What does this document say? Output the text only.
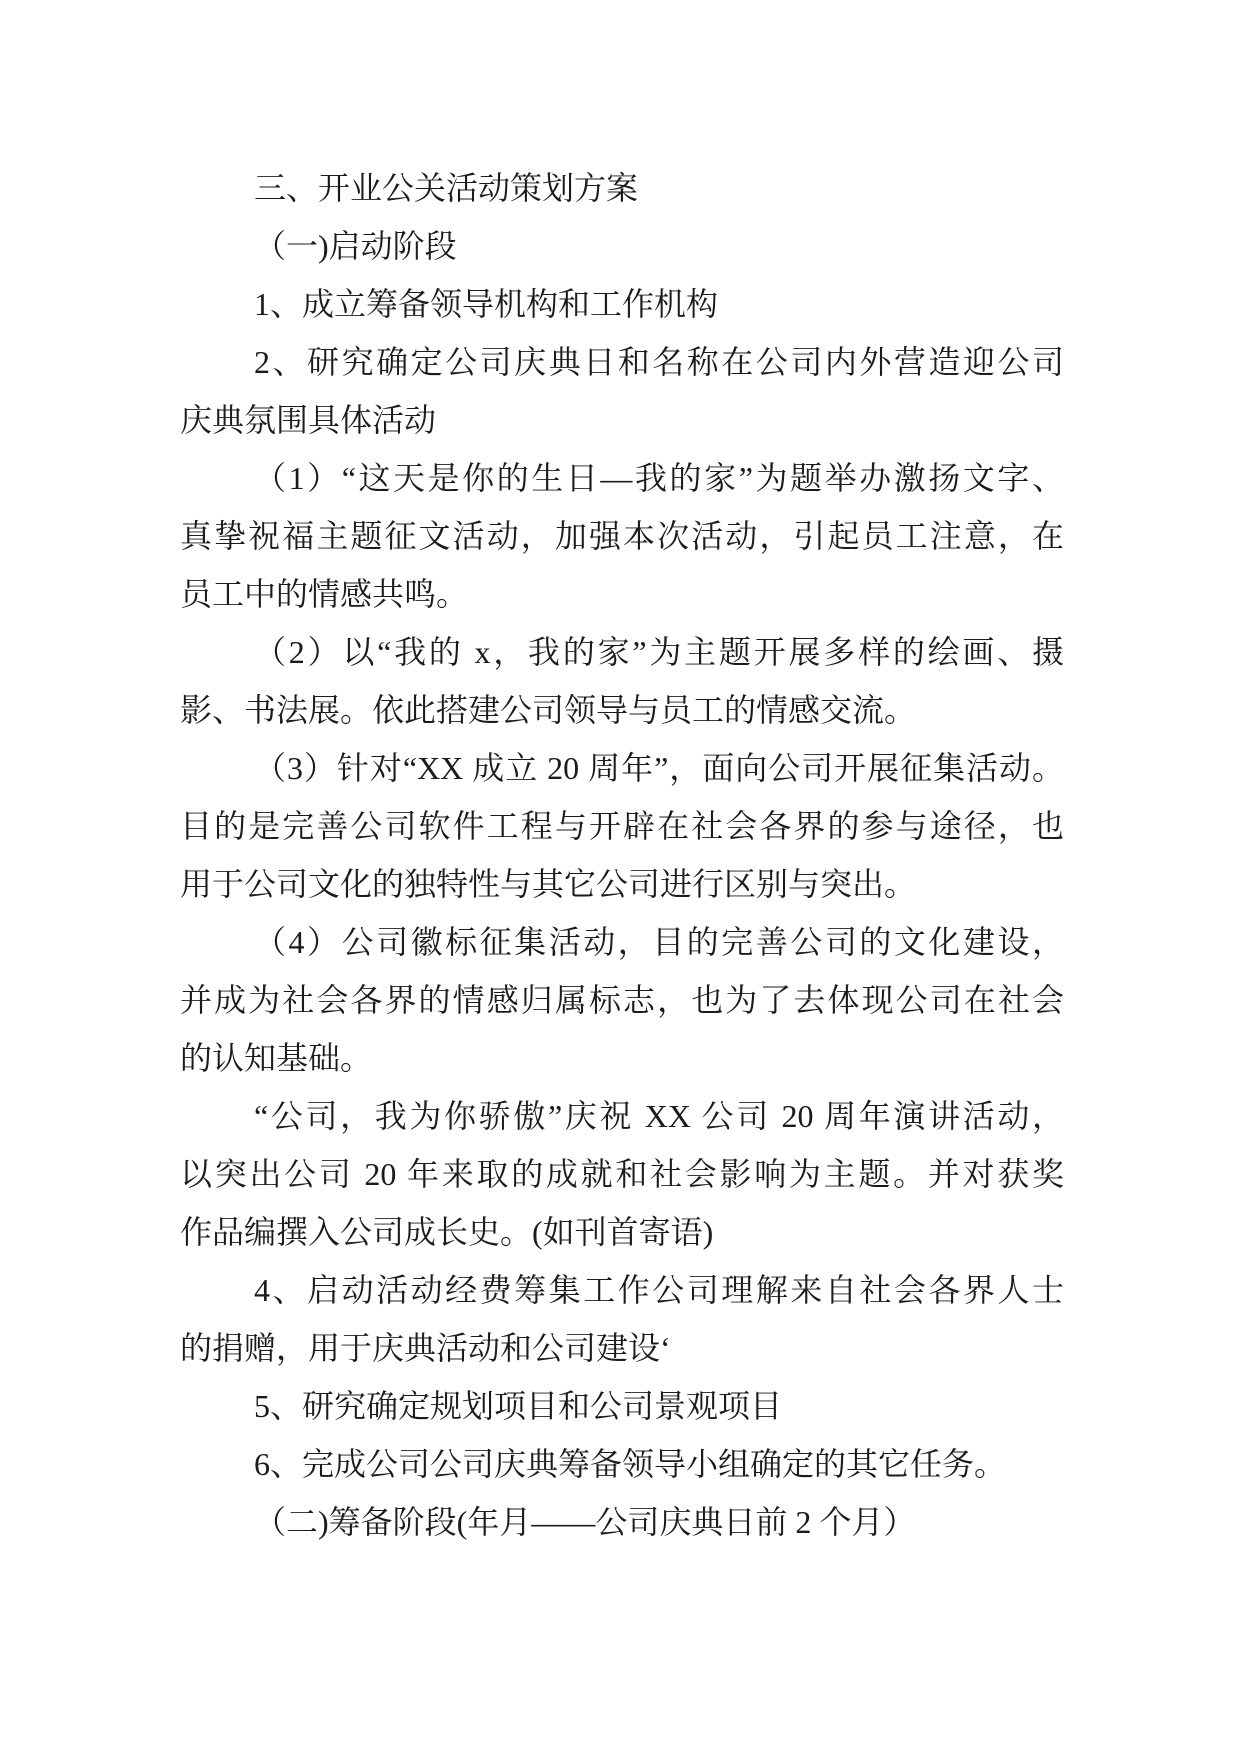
三、开业公关活动策划方案
（一)启动阶段
1、成立筹备领导机构和工作机构
2、研究确定公司庆典日和名称在公司内外营造迎公司
庆典氛围具体活动
（1）“这天是你的生日—我的家”为题举办激扬文字、
真挚祝福主题征文活动，加强本次活动，引起员工注意，在
员工中的情感共鸣。
（2）以“我的 x，我的家”为主题开展多样的绘画、摄
影、书法展。依此搭建公司领导与员工的情感交流。
（3）针对“XX 成立 20 周年”，面向公司开展征集活动。
目的是完善公司软件工程与开辟在社会各界的参与途径，也
用于公司文化的独特性与其它公司进行区别与突出。
（4）公司徽标征集活动，目的完善公司的文化建设，
并成为社会各界的情感归属标志，也为了去体现公司在社会
的认知基础。
“公司，我为你骄傲”庆祝 XX 公司 20 周年演讲活动，
以突出公司 20 年来取的成就和社会影响为主题。并对获奖
作品编撰入公司成长史。(如刊首寄语)
4、启动活动经费筹集工作公司理解来自社会各界人士
的捐赠，用于庆典活动和公司建设‘
5、研究确定规划项目和公司景观项目
6、完成公司公司庆典筹备领导小组确定的其它任务。
（二)筹备阶段(年月——公司庆典日前 2 个月）
